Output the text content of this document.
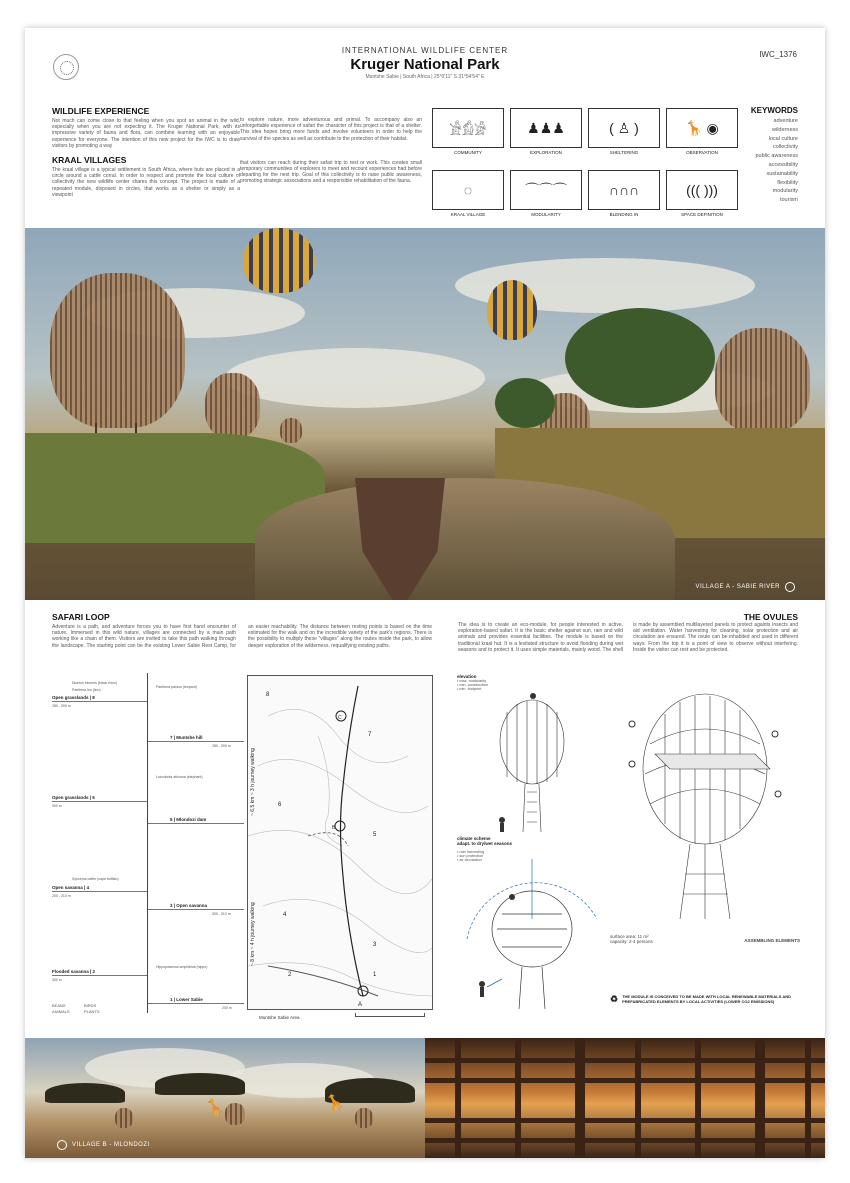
INTERNATIONAL WILDLIFE CENTER
Kruger National Park
Muntshe Sabie | South Africa | 25°0'11" S 31°54'54" E
IWC_1376
WILDLIFE EXPERIENCE
Not much can come close to that feeling when you spot an animal in the wild, especially when you are not expecting it. The Kruger National Park, with its impressive variety of fauna and flora, can combine learning with an enjoyable experience for everyone. The intention of this new project for the IWC is to draw visitors by promoting a way
KRAAL VILLAGES
The kraal village is a typical settlement in South Africa, where huts are placed in a circle around a cattle corral. In order to respect and promote the local culture of collectivity the new wildlife center shares this concept. The project is made of a repeated module, disposed in circles, that works as a shelter or simply as a viewpoint
to explore nature, more adventurous and primal. To accompany also an unforgettable experience of safari the character of this project is that of a shelter. This idea hopes bring more funds and involve volunteers in order to help the survival of the species as well as contribute to the protection of their habitat.
that visitors can reach during their safari trip to rest or work. This creates small temporary communities of explorers to meet and recount experiences had before departing for the next trip. Goal of this collectivity is to raise public awareness, promoting strategic associations and a responsible rehabilitation of the fauna.
𓀀𓀁𓀂
COMMUNITY
♟♟♟
EXPLORATION
( ♙ )
SHELTERING
🦒 ◉
OBSERVATION
◌
KRAAL VILLAGE
⌒⌒⌒
MODULARITY
∩∩∩
BLENDING IN
((( )))
SPACE DEFINITION
KEYWORDS
adventure
wilderness
local culture
collectivity
public awareness
accessibility
sustainability
flexibility
modularity
tourism
VILLAGE A - SABIE RIVER
SAFARI LOOP
Adventure is a path, and adventure forces you to have first hand encounter of nature. Immersed in this wild nature, villages are connected by a main path working like a chain of them. Visitors are invited to take this path walking through the landscape. The starting point can be the existing Lower Sabie Rest Camp, for an easier reachability. The distance between resting points is based on the time estimated for the walk and on the incredible variety of the park's regions. There is the possibility to multiply these "villages" along the routes inside the park, to allow deeper exploration of the wilderness, requalifying existing paths.
THE OVULES
The idea is to create an eco-module, for people interested in active, exploration-based safari. It is the basic shelter against sun, rain and wild animals and provides essential facilities. The module is based on the traditional kraal hut. It is a levitated structure to avoid flooding during wet seasons and to protect it. It uses simple materials, mainly wood. The shell is made by assembled multilayered panels to protect againts insects and aid ventilation. Water harvesting for cleaning, solar protection and air circulation are ensured. The ovule can be inhabited and used in different ways. From the top it is a point of view to observe without interfering. Inside the visitor can rest and be protected.
Open grasslands | 8
280 - 300 m
7 | Muntshe hill
280 - 300 m
Panthera pardus (leopard)
Diceros bicornis (black rhino)
Panthera leo (lion)
Open grasslands | 6
300 m
5 | Mlondozi dam
Loxodonta africana (elephant)
Open savanna | 4
200 - 210 m
3 | Open savanna
300 - 310 m
Syncerus caffer (cape buffalo)
Flooded savanna | 2
300 m
1 | Lower Sabie
200 m
Hippopotamus amphibius (hippo)
BEANS	BIRDS
ANIMALS	PLANTS
8
7
6
5
4
3
2	1
A
B
C
~ 6,5 km ~ 3 h journey walking
~ 8 km ~ 4 h journey walking
Muntshe Sabie Area
elevation
• max. modularity
• min. construction
• min. footprint
climate scheme
adapt. to dry/wet seasons
• rain harvesting
• sun protection
• air circulation
surface area: 11 m²
capacity: 2-4 persons	ASSEMBLING ELEMENTS
♻ THE MODULE IS CONCEIVED TO BE MADE WITH LOCAL RENEWABLE MATERIALS AND PREFABRICATED ELEMENTS BY LOCAL ACTIVITIES (LOWER CO2 EMISSIONS)
🦒	🦒
VILLAGE B - MLONDOZI
